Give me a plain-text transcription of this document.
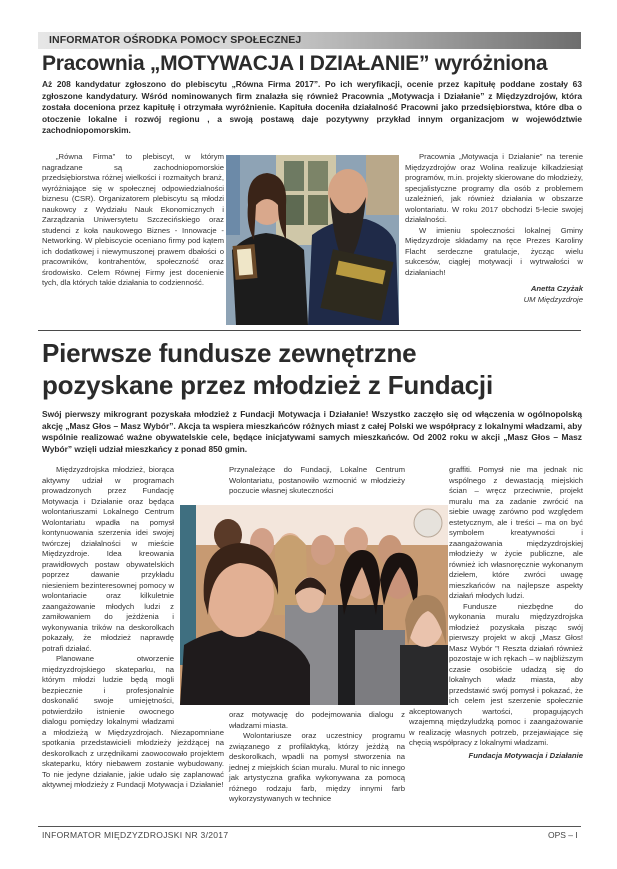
INFORMATOR OŚRODKA POMOCY SPOŁECZNEJ
Pracownia „MOTYWACJA I DZIAŁANIE” wyróżniona
Aż 208 kandydatur zgłoszono do plebiscytu „Równa Firma 2017”. Po ich weryfikacji, ocenie przez kapitułę poddane zostały 63 zgłoszone kandydatury. Wśród nominowanych firm znalazła się również Pracownia „Motywacja i Działanie” z Międzyzdrojów, która została doceniona przez kapitułę i otrzymała wyróżnienie. Kapituła doceniła działalność Pracowni jako przedsiębiorstwa, które dba o otoczenie lokalne i rozwój regionu , a swoją postawą daje pozytywny przykład innym organizacjom w województwie zachodniopomorskim.

„Równa Firma” to plebiscyt, w którym nagradzane są zachodniopomorskie przedsiębiorstwa różnej wielkości i rozmaitych branż, wyróżniające się w społecznej odpowiedzialności biznesu (CSR). Organizatorem plebiscytu są młodzi naukowcy z Wydziału Nauk Ekonomicznych i Zarządzania Uniwersytetu Szczecińskiego oraz studenci z koła naukowego Biznes - Innowacje - Networking. W plebiscycie oceniano firmy pod kątem ich dodatkowej i niewymuszonej prawem dbałości o pracowników, kontrahentów, społeczność oraz środowisko. Celem Równej Firmy jest docenienie tych, dla których takie działania to codzienność.

Pracownia „Motywacja i Działanie” na terenie Międzyzdrojów oraz Wolina realizuje kilkadziesiąt programów, m.in. projekty skierowane do młodzieży, specjalistyczne programy dla osób z problemem uzależnień, jak również działania w obszarze wolontariatu. W roku 2017 obchodzi 5-lecie swojej działalności.

W imieniu społeczności lokalnej Gminy Międzyzdroje składamy na ręce Prezes Karoliny Flacht serdeczne gratulacje, życząc wielu sukcesów, ciągłej motywacji i wytrwałości w działaniach!

Anetta Czyżak
UM Międzyzdroje
Pierwsze fundusze zewnętrzne
pozyskane przez młodzież z Fundacji
Swój pierwszy mikrogrant pozyskała młodzież z Fundacji Motywacja i Działanie! Wszystko zaczęło się od włączenia w ogólnopolską akcję „Masz Głos – Masz Wybór”. Akcja ta wspiera mieszkańców różnych miast z całej Polski we współpracy z lokalnymi władzami, aby wspólnie realizować ważne obywatelskie cele, będące inicjatywami samych mieszkańców. Od 2002 roku w akcji „Masz Głos – Masz Wybór” wzięli udział mieszkańcy z ponad 850 gmin.

Międzyzdrojska młodzież, biorąca aktywny udział w programach prowadzonych przez Fundację Motywacja i Działanie oraz będąca wolontariuszami Lokalnego Centrum Wolontariatu wpadła na pomysł kontynuowania szerzenia idei swojej twórczej działalności w mieście Międzyzdroje. Idea kreowania prawidłowych postaw obywatelskich poprzez dawanie przykładu niesieniem bezinteresownej pomocy w wolontariacie oraz kilkuletnie zaangażowanie młodych ludzi z zamiłowaniem do jeżdżenia i wykonywania trików na deskorolkach pokazały, że młodzież naprawdę potrafi działać.

Planowane otworzenie międzyzdrojskiego skateparku, na którym młodzi ludzie będą mogli bezpiecznie i profesjonalnie doskonalić swoje umiejętności, potwierdziło istnienie owocnego dialogu pomiędzy lokalnymi władzami a młodzieżą w Międzyzdrojach. Niezapomniane spotkania przedstawicieli młodzieży jeżdżącej na deskorolkach z urzędnikami zaowocowało projektem skateparku, który niebawem zostanie wybudowany. To nie jedyne działanie, jakie udało się zaplanować aktywnej młodzieży z Fundacji Motywacja i Działanie!

Przynależące do Fundacji, Lokalne Centrum Wolontariatu, postanowiło wzmocnić w młodzieży poczucie własnej skuteczności

oraz motywację do podejmowania dialogu z władzami miasta.

Wolontariusze oraz uczestnicy programu związanego z profilaktyką, którzy jeżdżą na deskorolkach, wpadli na pomysł stworzenia na jednej z miejskich ścian muralu. Mural to nic innego jak artystyczna grafika wykonywana za pomocą różnego rodzaju farb, między innymi farb wykorzystywanych w technice

graffiti. Pomysł nie ma jednak nic wspólnego z dewastacją miejskich ścian – wręcz przeciwnie, projekt muralu ma za zadanie zwrócić na siebie uwagę zarówno pod względem estetycznym, ale i treści – ma on być symbolem kreatywności i zaangażowania międzyzdrojskiej młodzieży w życie publiczne, ale również ich własnoręcznie wykonanym dziełem, które zwróci uwagę mieszkańców na najlepsze aspekty działań młodych ludzi.

Fundusze niezbędne do wykonania muralu międzyzdrojska młodzież pozyskała pisząc swój pierwszy projekt w akcji „Masz Głos! Masz Wybór ”! Reszta działań również pozostaje w ich rękach – w najbliższym czasie osobiście udadzą się do lokalnych władz miasta, aby przedstawić swój pomysł i pokazać, że ich celem jest szerzenie społecznie akceptowanych wartości, propagujących wzajemną międzyludzką pomoc i zaangażowanie w realizację własnych potrzeb, przejawiające się chęcią współpracy z lokalnymi władzami.

Fundacja Motywacja i Działanie
INFORMATOR MIĘDZYZDROJSKI NR 3/2017	OPS – I
